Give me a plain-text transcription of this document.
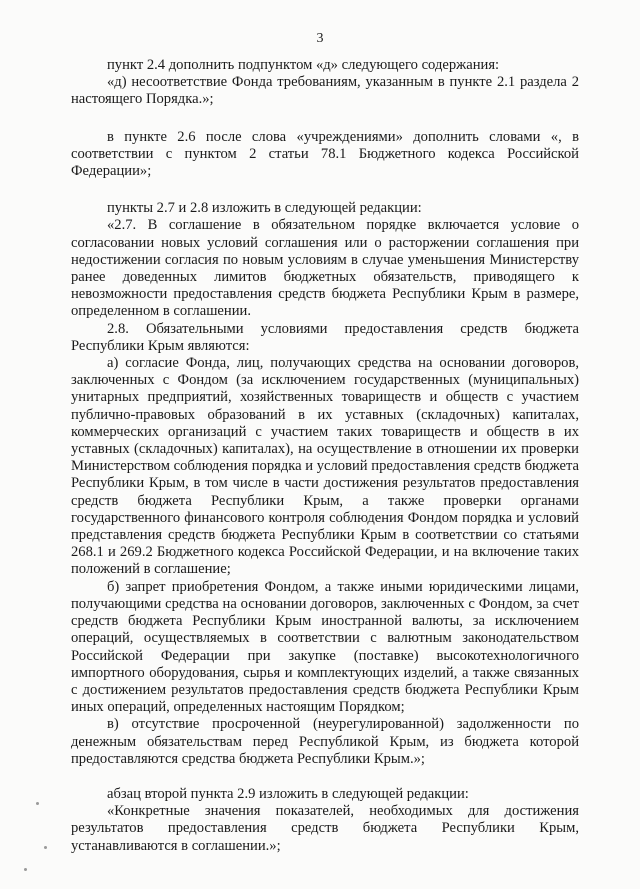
3

пункт 2.4 дополнить подпунктом «д» следующего содержания:

«д) несоответствие Фонда требованиям, указанным в пункте 2.1 раздела 2 настоящего Порядка.»;

в пункте 2.6 после слова «учреждениями» дополнить словами «, в соответствии с пунктом 2 статьи 78.1 Бюджетного кодекса Российской Федерации»;

пункты 2.7 и 2.8 изложить в следующей редакции:

«2.7. В соглашение в обязательном порядке включается условие о согласовании новых условий соглашения или о расторжении соглашения при недостижении согласия по новым условиям в случае уменьшения Министерству ранее доведенных лимитов бюджетных обязательств, приводящего к невозможности предоставления средств бюджета Республики Крым в размере, определенном в соглашении.

2.8. Обязательными условиями предоставления средств бюджета Республики Крым являются:

а) согласие Фонда, лиц, получающих средства на основании договоров, заключенных с Фондом (за исключением государственных (муниципальных) унитарных предприятий, хозяйственных товариществ и обществ с участием публично-правовых образований в их уставных (складочных) капиталах, коммерческих организаций с участием таких товариществ и обществ в их уставных (складочных) капиталах), на осуществление в отношении их проверки Министерством соблюдения порядка и условий предоставления средств бюджета Республики Крым, в том числе в части достижения результатов предоставления средств бюджета Республики Крым, а также проверки органами государственного финансового контроля соблюдения Фондом порядка и условий представления средств бюджета Республики Крым в соответствии со статьями 268.1 и 269.2 Бюджетного кодекса Российской Федерации, и на включение таких положений в соглашение;

б) запрет приобретения Фондом, а также иными юридическими лицами, получающими средства на основании договоров, заключенных с Фондом, за счет средств бюджета Республики Крым иностранной валюты, за исключением операций, осуществляемых в соответствии с валютным законодательством Российской Федерации при закупке (поставке) высокотехнологичного импортного оборудования, сырья и комплектующих изделий, а также связанных с достижением результатов предоставления средств бюджета Республики Крым иных операций, определенных настоящим Порядком;

в) отсутствие просроченной (неурегулированной) задолженности по денежным обязательствам перед Республикой Крым, из бюджета которой предоставляются средства бюджета Республики Крым.»;

абзац второй пункта 2.9 изложить в следующей редакции:

«Конкретные значения показателей, необходимых для достижения результатов предоставления средств бюджета Республики Крым, устанавливаются в соглашении.»;
